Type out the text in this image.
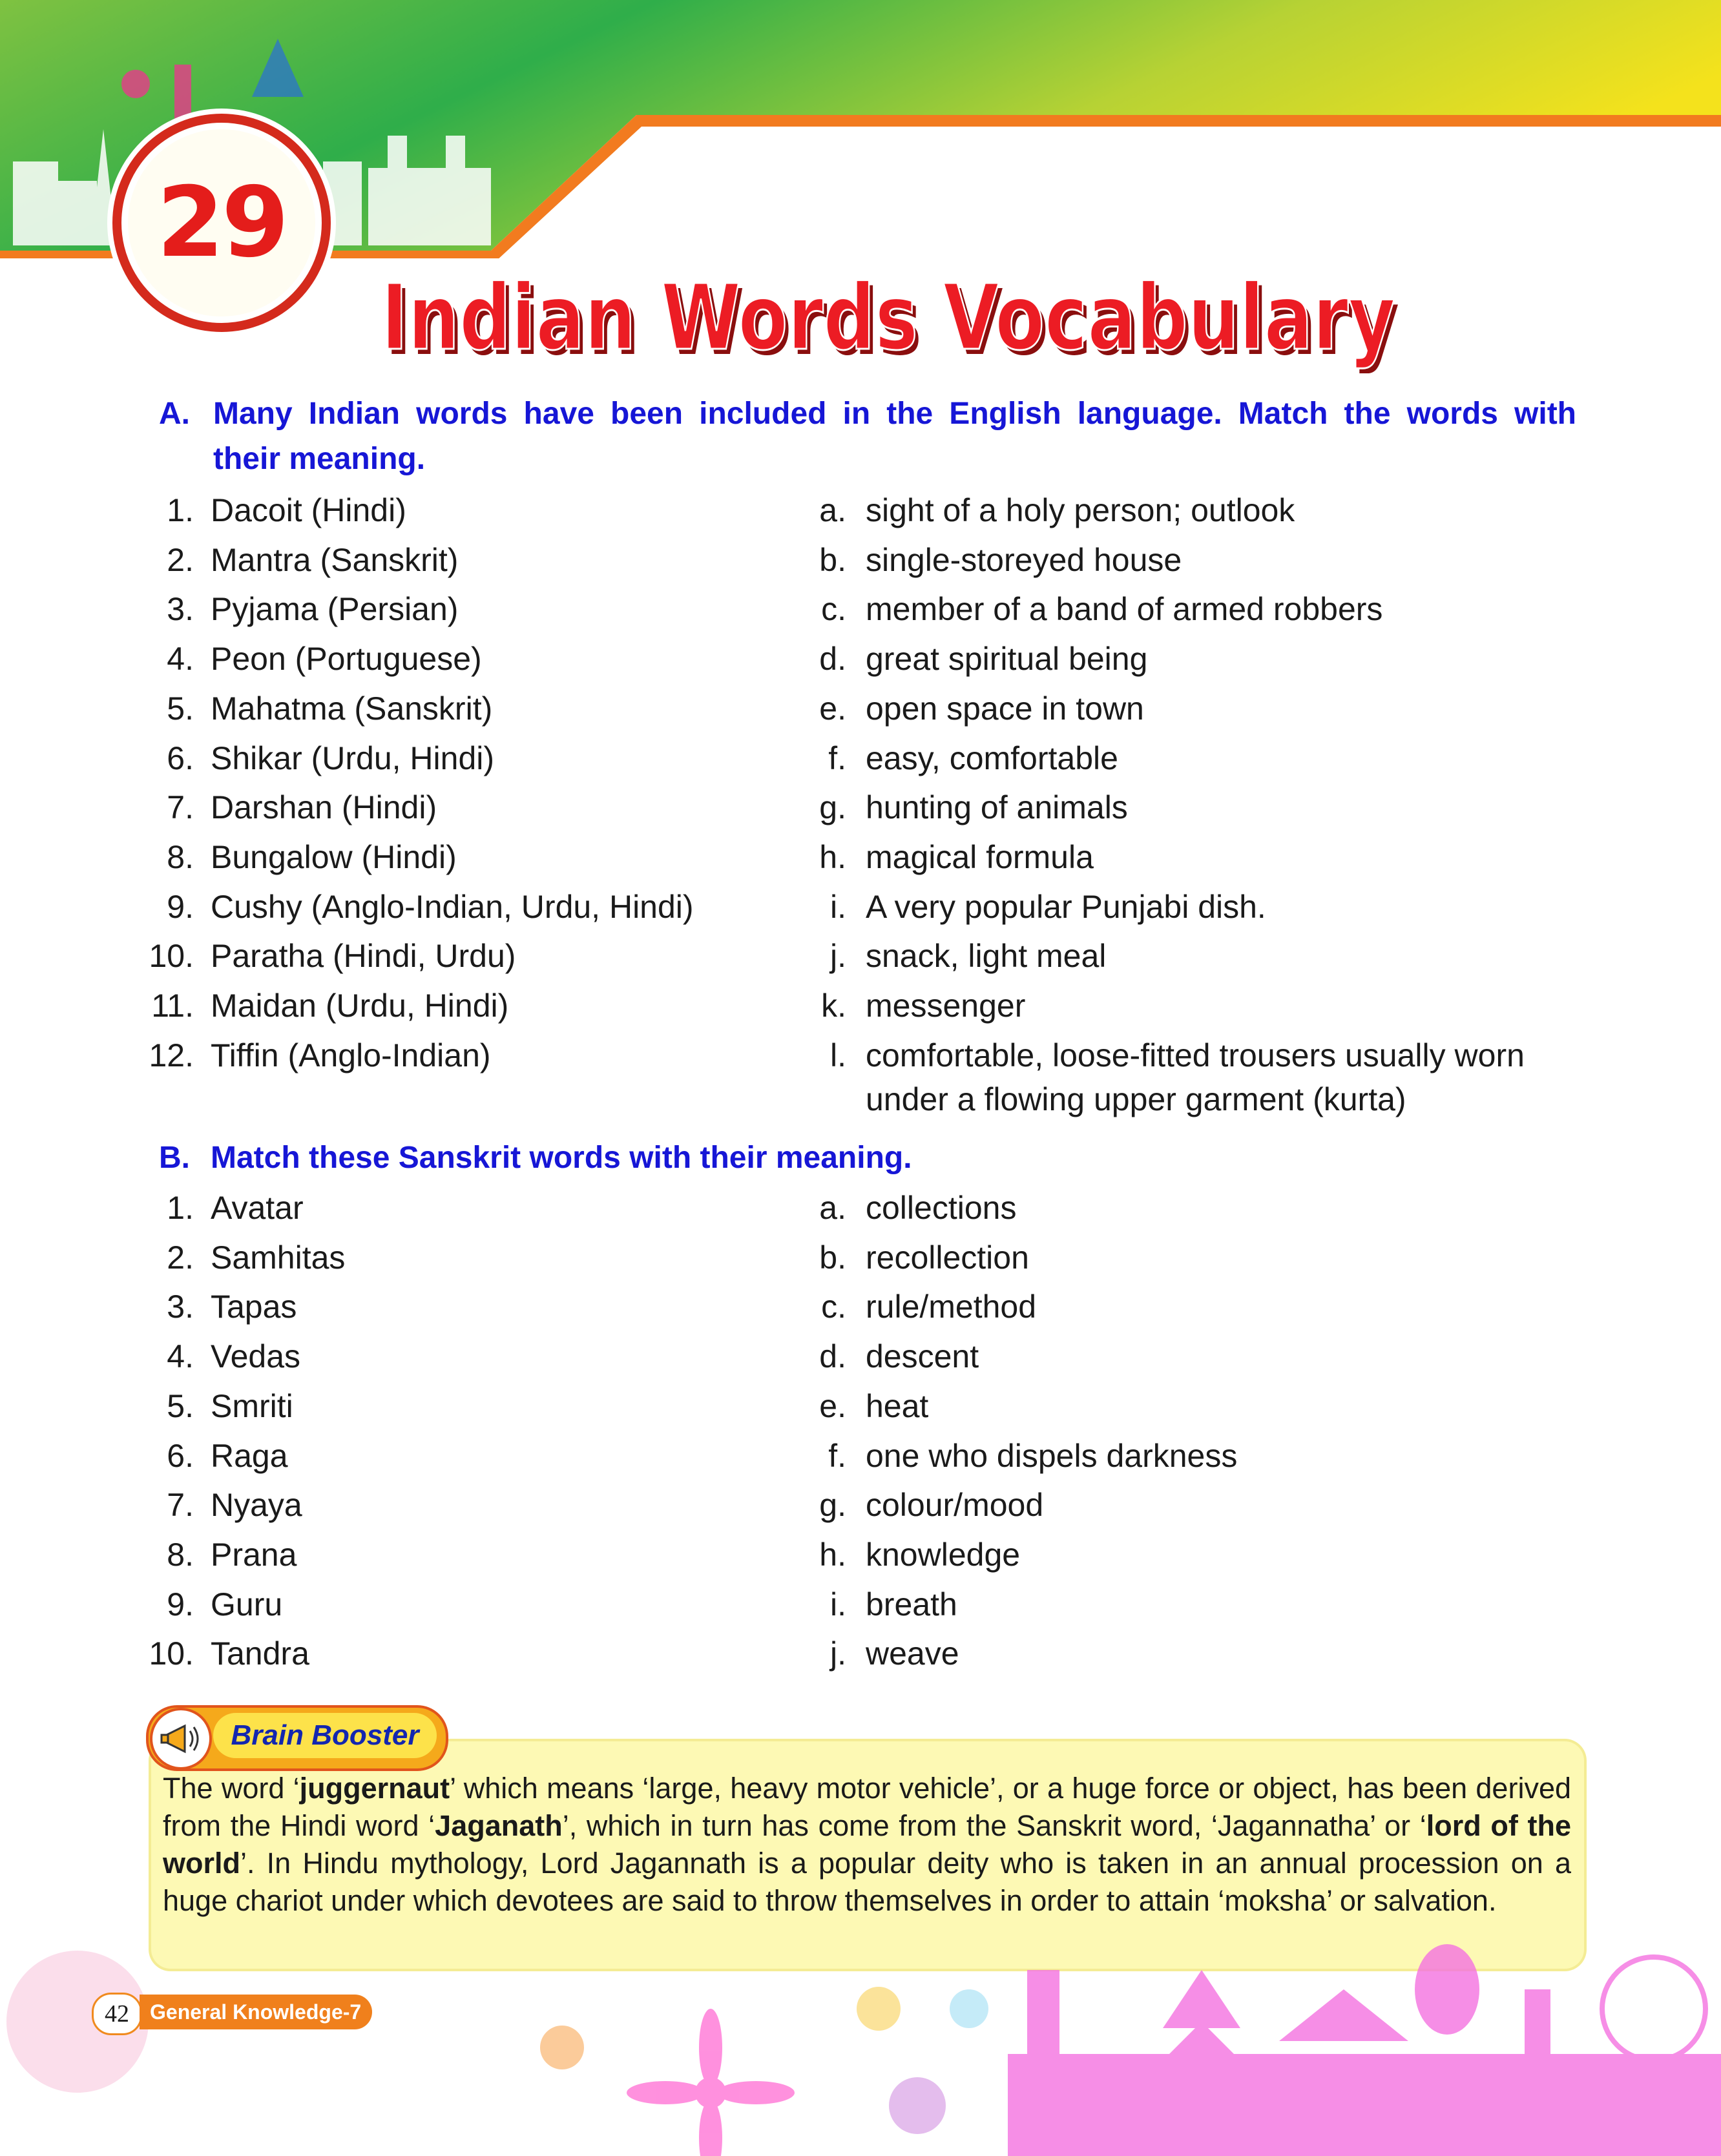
29
Indian Words Vocabulary
Indian Words Vocabulary
A. Many Indian words have been included in the English language. Match the words with
their meaning.
1. Dacoit (Hindi)
2. Mantra (Sanskrit)
3. Pyjama (Persian)
4. Peon (Portuguese)
5. Mahatma (Sanskrit)
6. Shikar (Urdu, Hindi)
7. Darshan (Hindi)
8. Bungalow (Hindi)
9. Cushy (Anglo-Indian, Urdu, Hindi)
10. Paratha (Hindi, Urdu)
11. Maidan (Urdu, Hindi)
12. Tiffin (Anglo-Indian)
a. sight of a holy person; outlook
b. single-storeyed house
c. member of a band of armed robbers
d. great spiritual being
e. open space in town
f. easy, comfortable
g. hunting of animals
h. magical formula
i. A very popular Punjabi dish.
j. snack, light meal
k. messenger
l. comfortable, loose-fitted trousers usually worn
under a flowing upper garment (kurta)
B. Match these Sanskrit words with their meaning.
1. Avatar
2. Samhitas
3. Tapas
4. Vedas
5. Smriti
6. Raga
7. Nyaya
8. Prana
9. Guru
10. Tandra
a. collections
b. recollection
c. rule/method
d. descent
e. heat
f. one who dispels darkness
g. colour/mood
h. knowledge
i. breath
j. weave
Brain Booster
The word ‘juggernaut’ which means ‘large, heavy motor vehicle’, or a huge force or object, has been derived from the Hindi word ‘Jaganath’, which in turn has come from the Sanskrit word, ‘Jagannatha’ or ‘lord of the world’. In Hindu mythology, Lord Jagannath is a popular deity who is taken in an annual procession on a huge chariot under which devotees are said to throw themselves in order to attain ‘moksha’ or salvation.
42	General Knowledge-7
